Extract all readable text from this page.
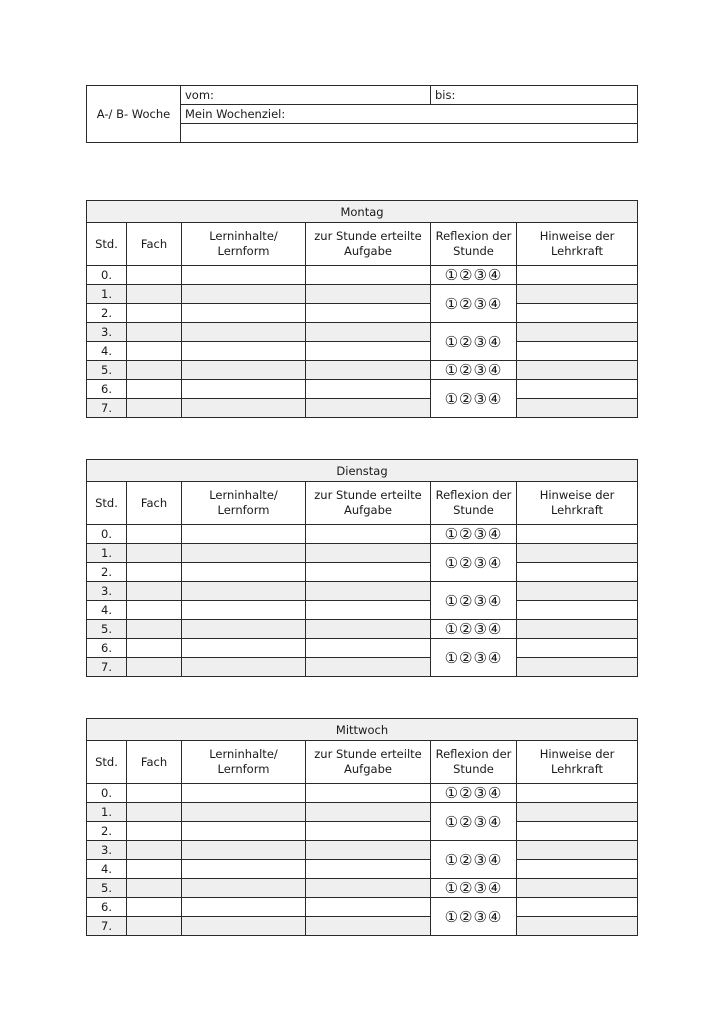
A-/ B- Woche	vom:	bis:
Mein Wochenziel:

Montag					
Std.	Fach	Lerninhalte/ Lernform	zur Stunde erteilte Aufgabe	Reflexion der Stunde	Hinweise der Lehrkraft
0.				①②③④	
1.				①②③④	
2.					
3.				①②③④	
4.					
5.				①②③④	
6.				①②③④	
7.					
Dienstag					
Std.	Fach	Lerninhalte/ Lernform	zur Stunde erteilte Aufgabe	Reflexion der Stunde	Hinweise der Lehrkraft
0.				①②③④	
1.				①②③④	
2.					
3.				①②③④	
4.					
5.				①②③④	
6.				①②③④	
7.					
Mittwoch					
Std.	Fach	Lerninhalte/ Lernform	zur Stunde erteilte Aufgabe	Reflexion der Stunde	Hinweise der Lehrkraft
0.				①②③④	
1.				①②③④	
2.					
3.				①②③④	
4.					
5.				①②③④	
6.				①②③④	
7.					
